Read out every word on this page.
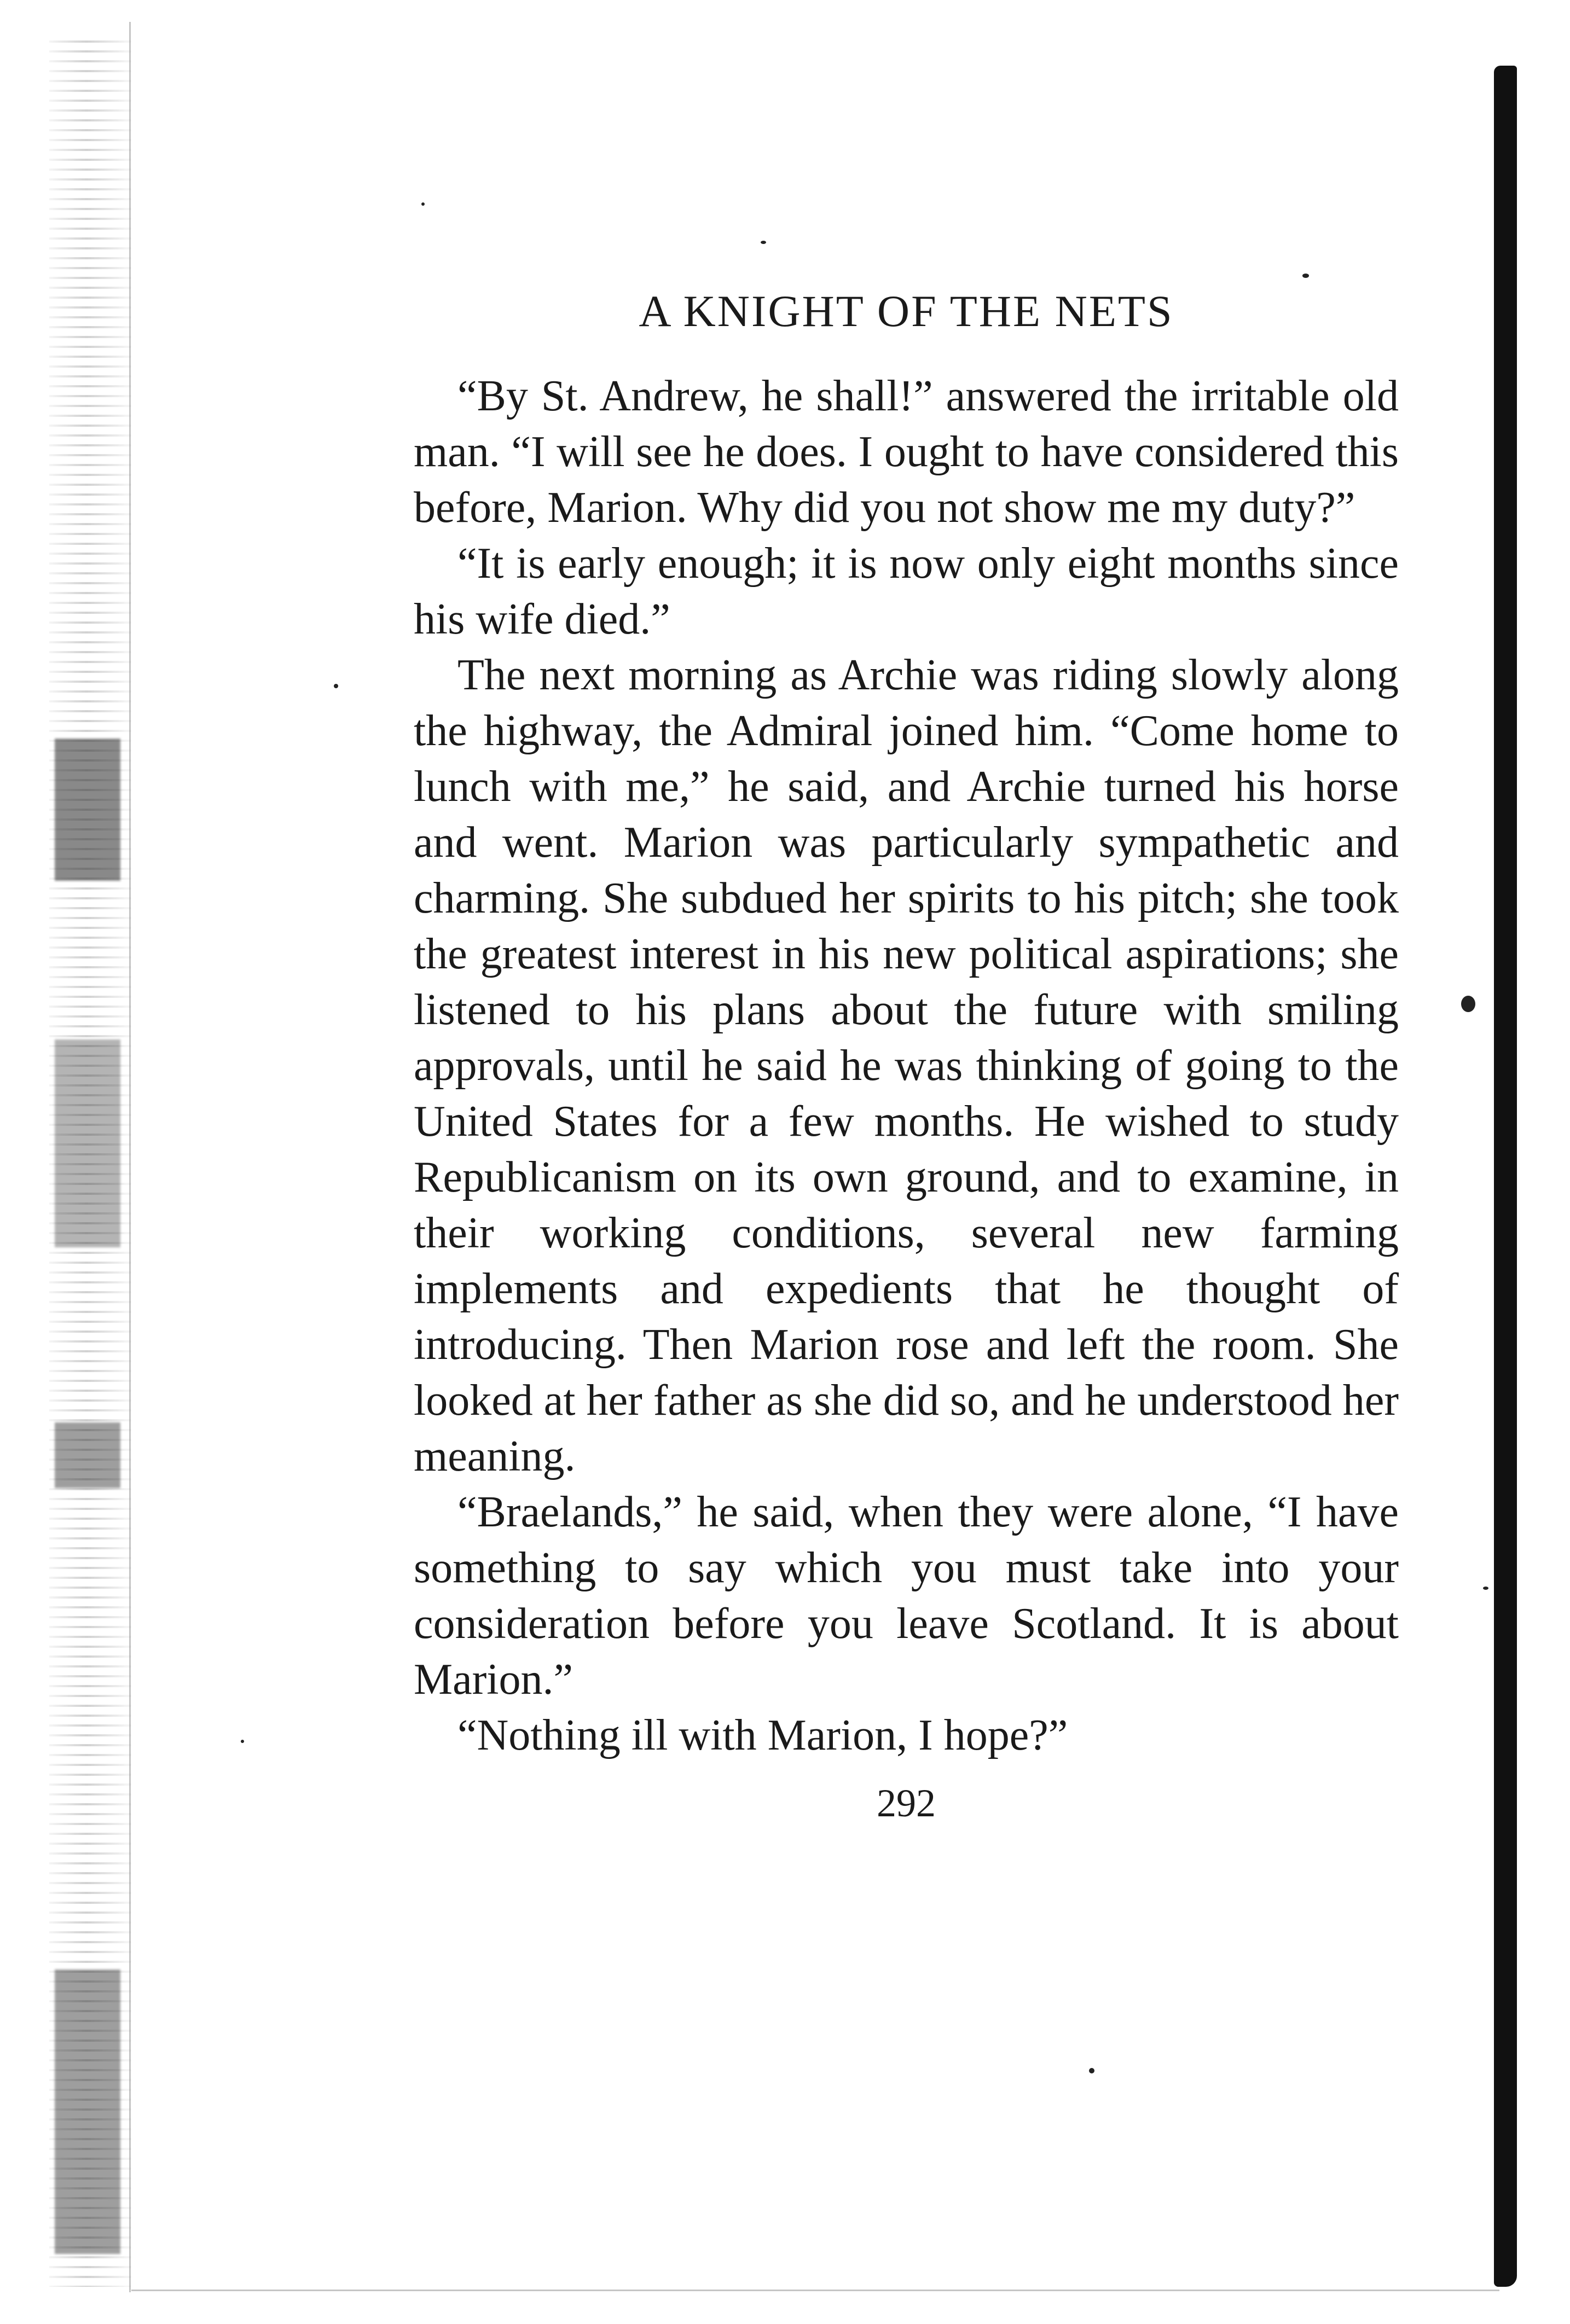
A KNIGHT OF THE NETS

“By St. Andrew, he shall!” answered the irritable old man. “I will see he does. I ought to have considered this before, Marion. Why did you not show me my duty?”

“It is early enough; it is now only eight months since his wife died.”

The next morning as Archie was riding slowly along the highway, the Admiral joined him. “Come home to lunch with me,” he said, and Archie turned his horse and went. Marion was particularly sympathetic and charming. She subdued her spirits to his pitch; she took the greatest interest in his new political aspirations; she listened to his plans about the future with smiling approvals, until he said he was thinking of going to the United States for a few months. He wished to study Republicanism on its own ground, and to examine, in their working conditions, several new farming implements and expedients that he thought of introducing. Then Marion rose and left the room. She looked at her father as she did so, and he understood her meaning.

“Braelands,” he said, when they were alone, “I have something to say which you must take into your consideration before you leave Scotland. It is about Marion.”

“Nothing ill with Marion, I hope?”

292
